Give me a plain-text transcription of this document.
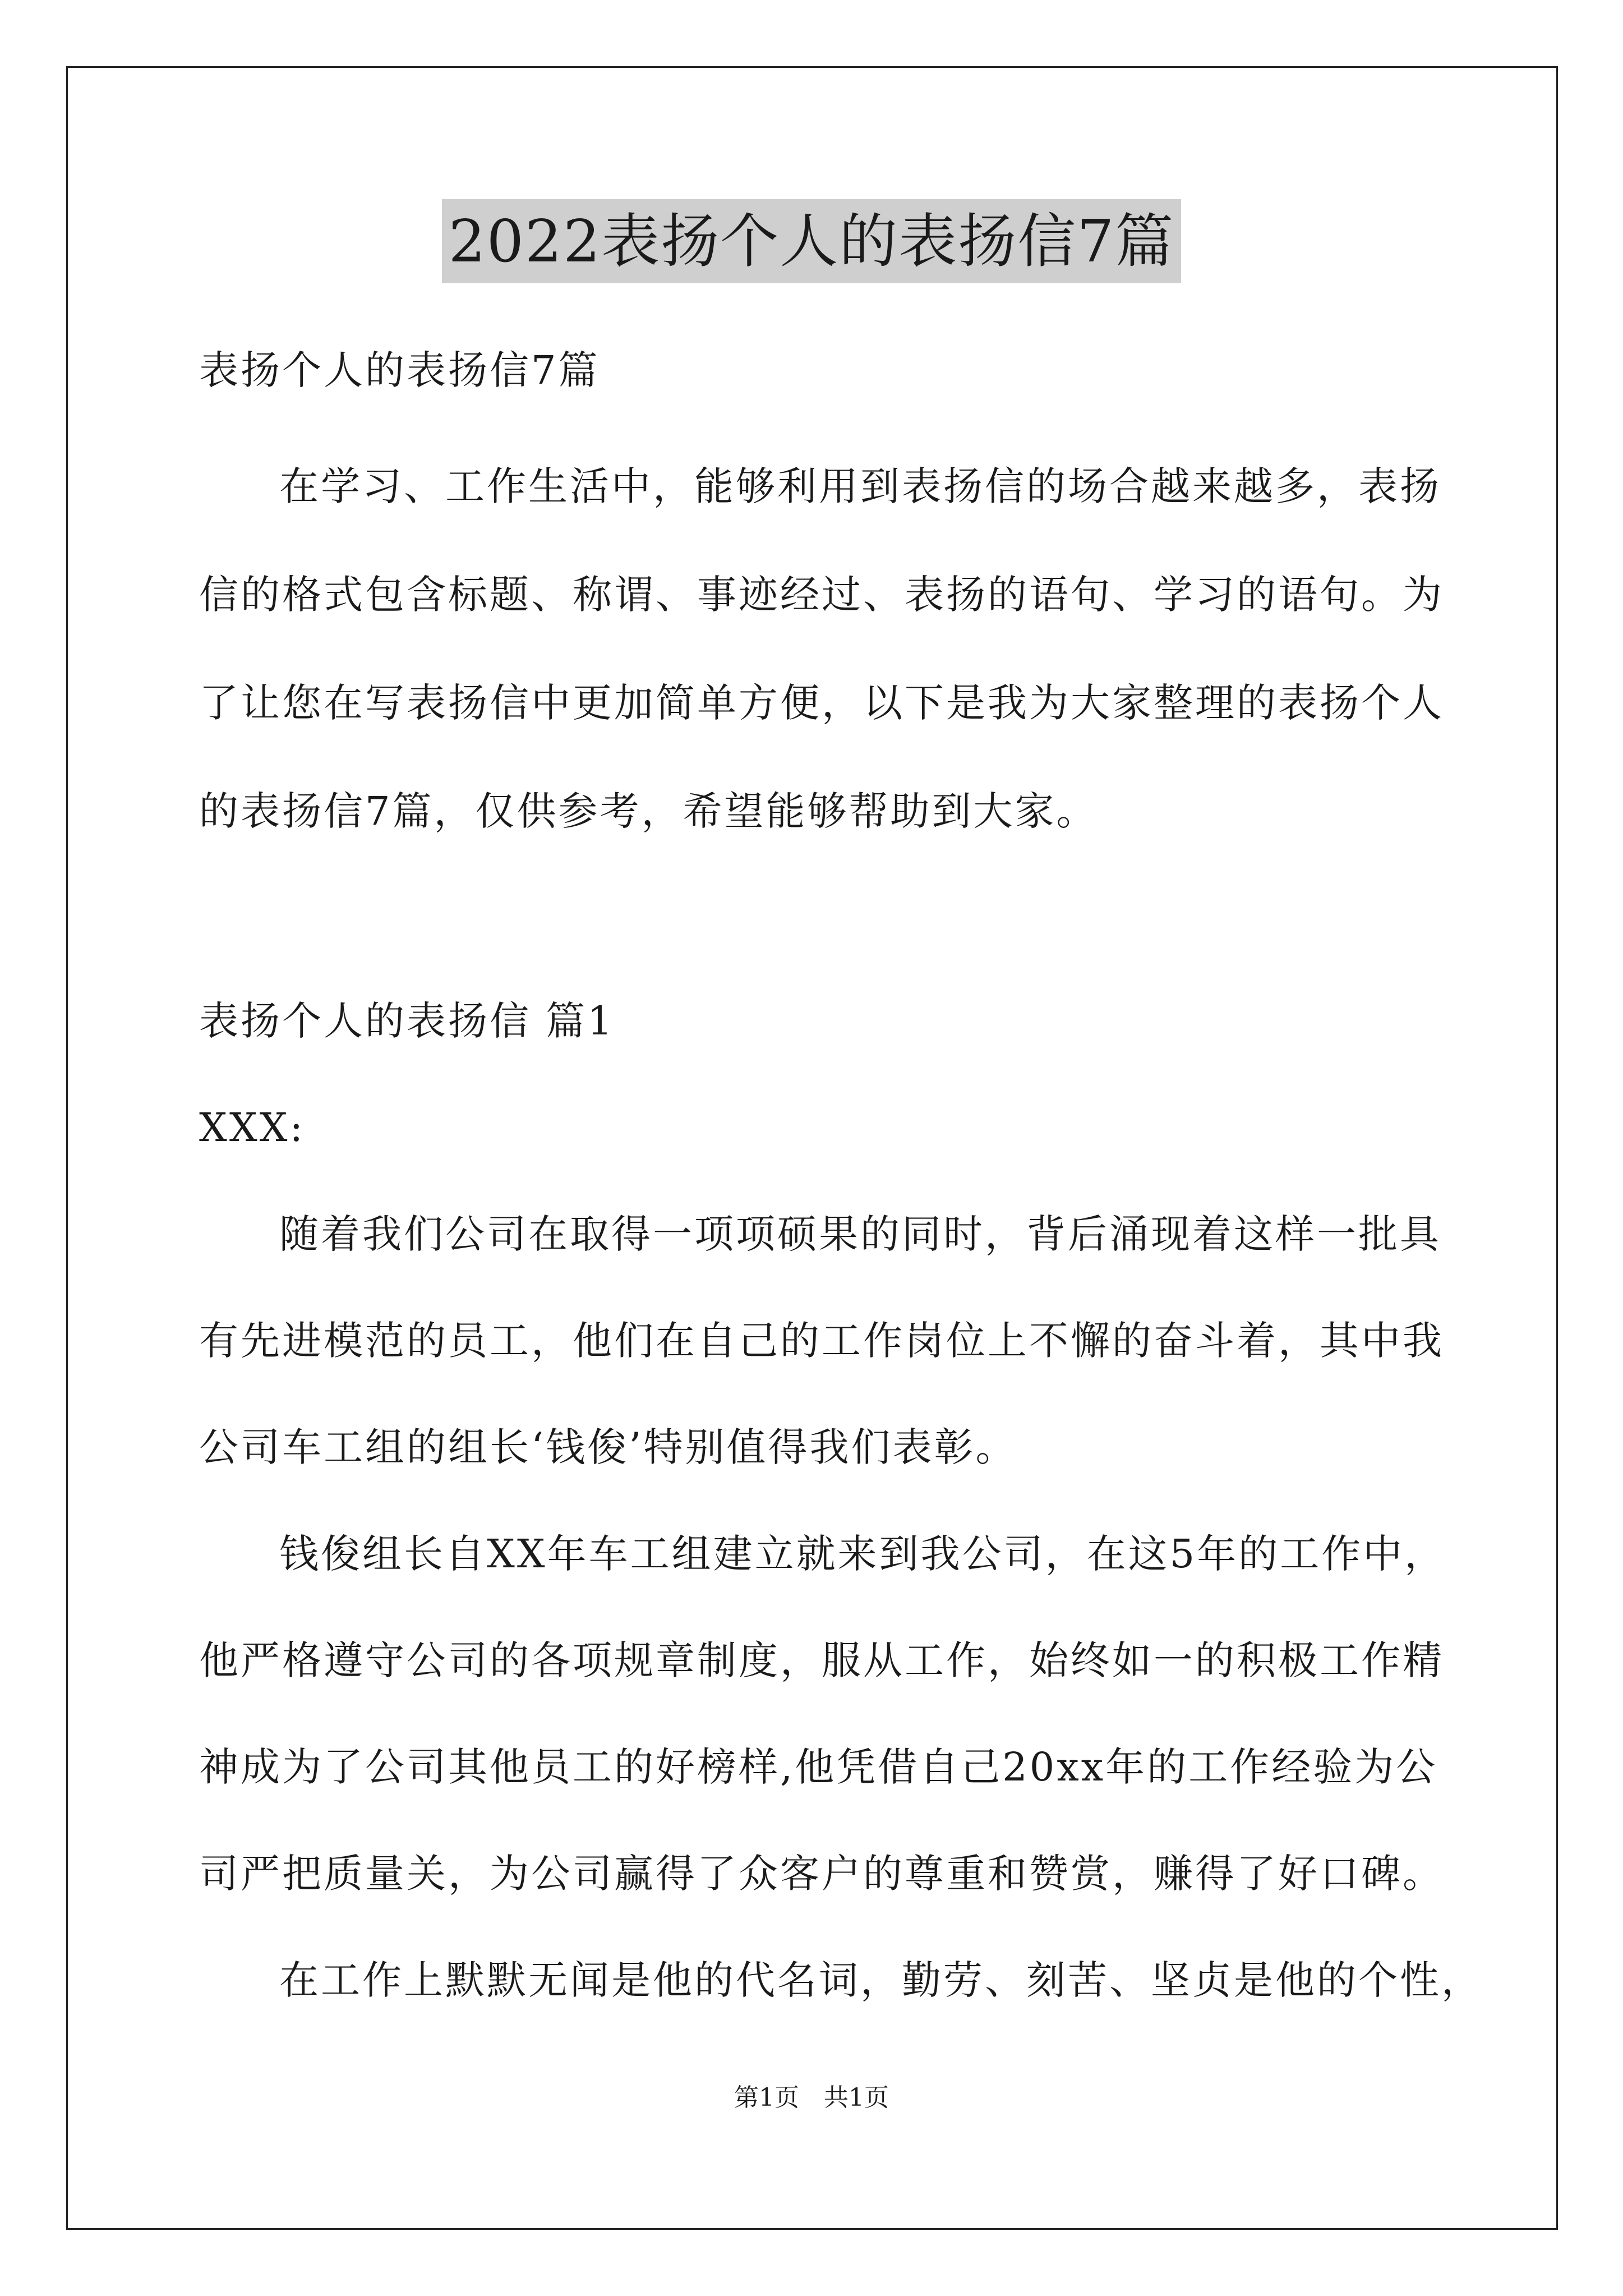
2022表扬个人的表扬信7篇
表扬个人的表扬信7篇
在学习、工作生活中，能够利用到表扬信的场合越来越多，表扬
信的格式包含标题、称谓、事迹经过、表扬的语句、学习的语句。为
了让您在写表扬信中更加简单方便，以下是我为大家整理的表扬个人
的表扬信7篇，仅供参考，希望能够帮助到大家。
表扬个人的表扬信 篇1
XXX:
随着我们公司在取得一项项硕果的同时，背后涌现着这样一批具
有先进模范的员工，他们在自己的工作岗位上不懈的奋斗着，其中我
公司车工组的组长‘钱俊’特别值得我们表彰。
钱俊组长自XX年车工组建立就来到我公司，在这5年的工作中，
他严格遵守公司的各项规章制度，服从工作，始终如一的积极工作精
神成为了公司其他员工的好榜样,他凭借自己20xx年的工作经验为公
司严把质量关，为公司赢得了众客户的尊重和赞赏，赚得了好口碑。
在工作上默默无闻是他的代名词，勤劳、刻苦、坚贞是他的个性，
第1页　共1页
